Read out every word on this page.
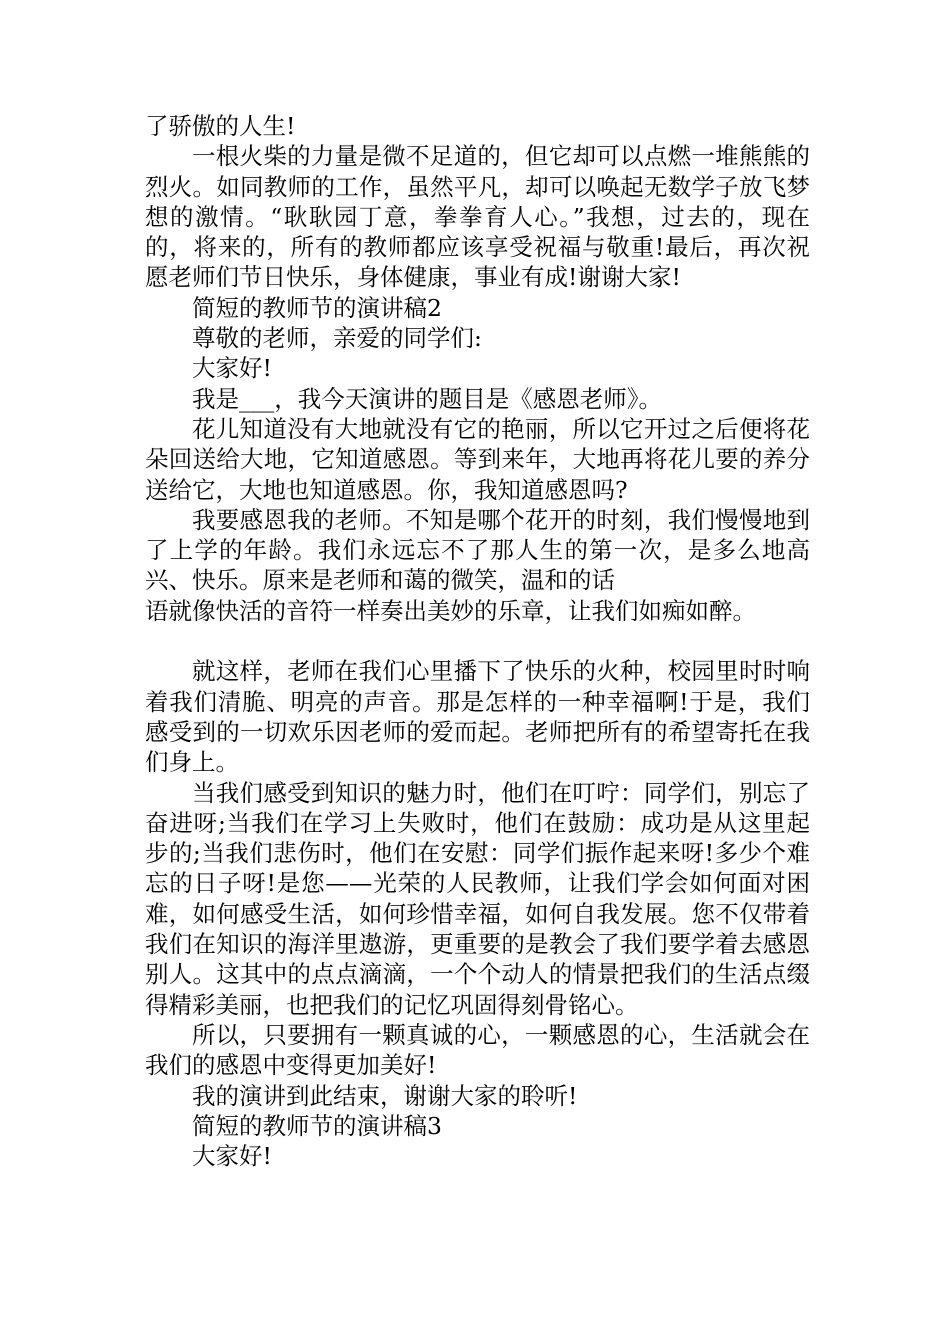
了骄傲的人生!

一根火柴的力量是微不足道的，但它却可以点燃一堆熊熊的烈火。如同教师的工作，虽然平凡，却可以唤起无数学子放飞梦想的激情。“耿耿园丁意，拳拳育人心。”我想，过去的，现在的，将来的，所有的教师都应该享受祝福与敬重!最后，再次祝愿老师们节日快乐，身体健康，事业有成!谢谢大家!

简短的教师节的演讲稿2

尊敬的老师，亲爱的同学们:

大家好!

我是___，我今天演讲的题目是《感恩老师》。

花儿知道没有大地就没有它的艳丽，所以它开过之后便将花朵回送给大地，它知道感恩。等到来年，大地再将花儿要的养分送给它，大地也知道感恩。你，我知道感恩吗?

我要感恩我的老师。不知是哪个花开的时刻，我们慢慢地到了上学的年龄。我们永远忘不了那人生的第一次，是多么地高兴、快乐。原来是老师和蔼的微笑，温和的话

语就像快活的音符一样奏出美妙的乐章，让我们如痴如醉。

就这样，老师在我们心里播下了快乐的火种，校园里时时响着我们清脆、明亮的声音。那是怎样的一种幸福啊!于是，我们感受到的一切欢乐因老师的爱而起。老师把所有的希望寄托在我们身上。

当我们感受到知识的魅力时，他们在叮咛：同学们，别忘了奋进呀;当我们在学习上失败时，他们在鼓励：成功是从这里起步的;当我们悲伤时，他们在安慰：同学们振作起来呀!多少个难忘的日子呀!是您——光荣的人民教师，让我们学会如何面对困难，如何感受生活，如何珍惜幸福，如何自我发展。您不仅带着我们在知识的海洋里遨游，更重要的是教会了我们要学着去感恩别人。这其中的点点滴滴，一个个动人的情景把我们的生活点缀得精彩美丽，也把我们的记忆巩固得刻骨铭心。

所以，只要拥有一颗真诚的心，一颗感恩的心，生活就会在我们的感恩中变得更加美好!

我的演讲到此结束，谢谢大家的聆听!

简短的教师节的演讲稿3

大家好!
